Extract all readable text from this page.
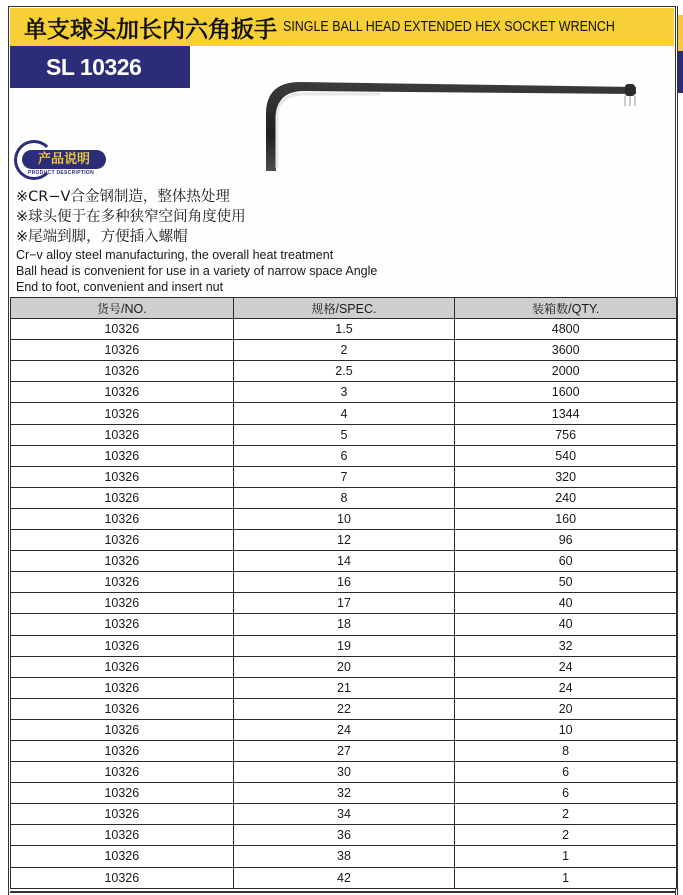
单支球头加长内六角扳手 SINGLE BALL HEAD EXTENDED HEX SOCKET WRENCH
SL 10326
产品说明
PRODUCT DESCRIPTION
※CR−V合金钢制造，整体热处理
※球头便于在多种狭窄空间角度使用
※尾端到脚，方便插入螺帽
Cr−v alloy steel manufacturing, the overall heat treatment
Ball head is convenient for use in a variety of narrow space Angle
End to foot, convenient and insert nut
货号/NO.	规格/SPEC.	装箱数/QTY.
10326	1.5	4800
10326	2	3600
10326	2.5	2000
10326	3	1600
10326	4	1344
10326	5	756
10326	6	540
10326	7	320
10326	8	240
10326	10	160
10326	12	96
10326	14	60
10326	16	50
10326	17	40
10326	18	40
10326	19	32
10326	20	24
10326	21	24
10326	22	20
10326	24	10
10326	27	8
10326	30	6
10326	32	6
10326	34	2
10326	36	2
10326	38	1
10326	42	1
